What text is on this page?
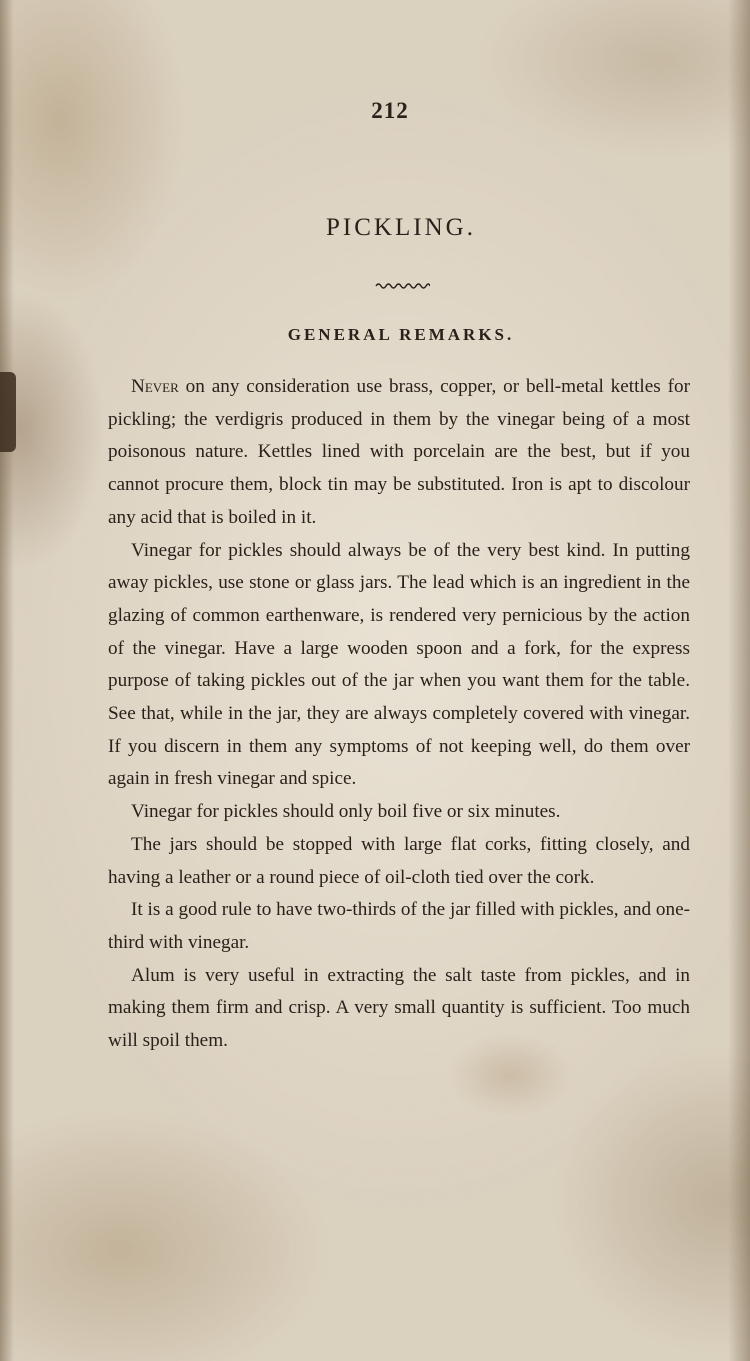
212
PICKLING.
GENERAL REMARKS.

Never on any consideration use brass, copper, or bell-metal kettles for pickling; the verdigris produced in them by the vinegar being of a most poisonous nature. Kettles lined with porcelain are the best, but if you cannot procure them, block tin may be substituted. Iron is apt to discolour any acid that is boiled in it.

Vinegar for pickles should always be of the very best kind. In putting away pickles, use stone or glass jars. The lead which is an ingredient in the glazing of common earthenware, is rendered very pernicious by the action of the vinegar. Have a large wooden spoon and a fork, for the express purpose of taking pickles out of the jar when you want them for the table. See that, while in the jar, they are always completely covered with vinegar. If you discern in them any symptoms of not keeping well, do them over again in fresh vinegar and spice.

Vinegar for pickles should only boil five or six minutes.

The jars should be stopped with large flat corks, fitting closely, and having a leather or a round piece of oil-cloth tied over the cork.

It is a good rule to have two-thirds of the jar filled with pickles, and one-third with vinegar.

Alum is very useful in extracting the salt taste from pickles, and in making them firm and crisp. A very small quantity is sufficient. Too much will spoil them.
